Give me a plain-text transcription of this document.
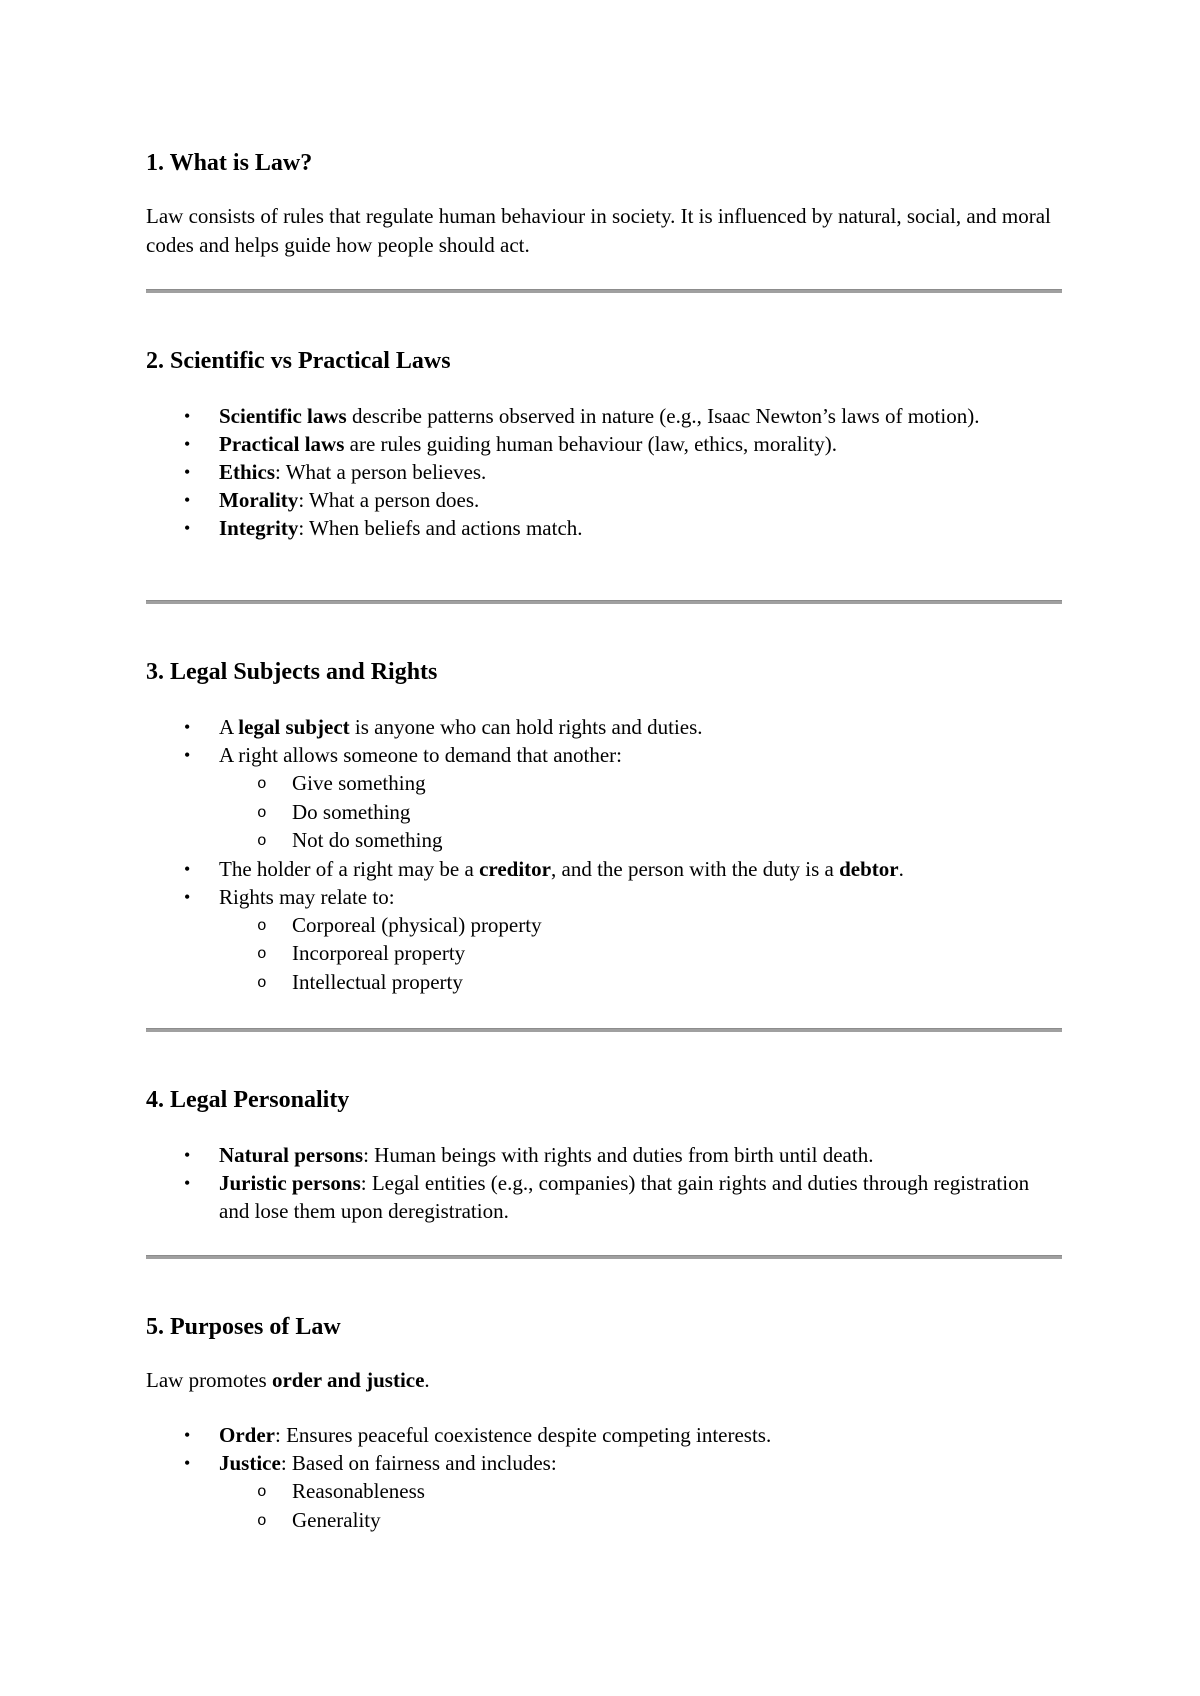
1. What is Law?

Law consists of rules that regulate human behaviour in society. It is influenced by natural, social, and moral codes and helps guide how people should act.

2. Scientific vs Practical Laws
• Scientific laws describe patterns observed in nature (e.g., Isaac Newton’s laws of motion).
• Practical laws are rules guiding human behaviour (law, ethics, morality).
• Ethics: What a person believes.
• Morality: What a person does.
• Integrity: When beliefs and actions match.
3. Legal Subjects and Rights
• A legal subject is anyone who can hold rights and duties.
• A right allows someone to demand that another:
o Give something
o Do something
o Not do something
• The holder of a right may be a creditor, and the person with the duty is a debtor.
• Rights may relate to:
o Corporeal (physical) property
o Incorporeal property
o Intellectual property
4. Legal Personality
• Natural persons: Human beings with rights and duties from birth until death.
• Juristic persons: Legal entities (e.g., companies) that gain rights and duties through registration and lose them upon deregistration.
5. Purposes of Law

Law promotes order and justice.

• Order: Ensures peaceful coexistence despite competing interests.
• Justice: Based on fairness and includes:
o Reasonableness
o Generality
